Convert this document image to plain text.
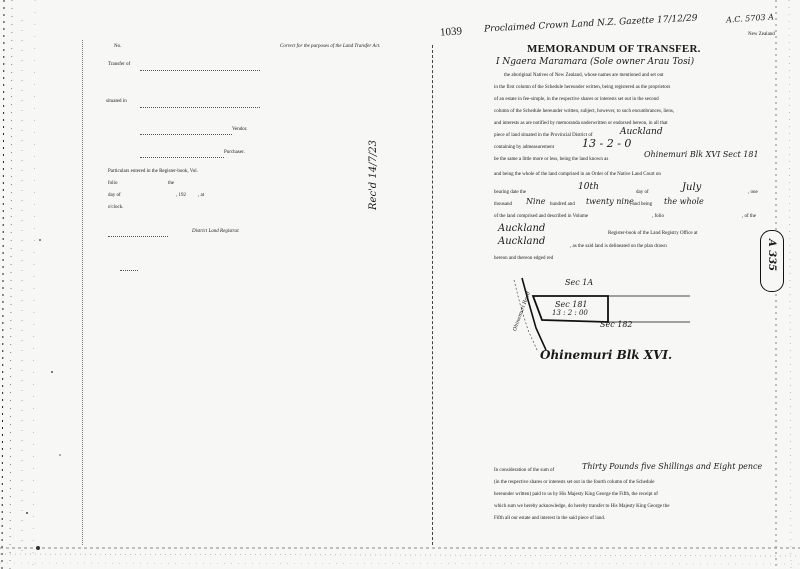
1039 Proclaimed Crown Land N.Z. Gazette 17/12/29	A.C. 5703 A
New Zealand
No.	Correct for the purposes of the Land Transfer Act.
Transfer of
situated in
Vendor.
Purchaser.
Particulars entered in the Register-book, Vol.
folio	the
day of	, 192 , at
o'clock.
District Land Registrar.
Rec'd 14/7/23
MEMORANDUM OF TRANSFER.
I Ngaera Maramara (Sole owner Arau Tosi)
the aboriginal Natives of New Zealand, whose names are mentioned and set out
in the first column of the Schedule hereunder written, being registered as the proprietors
of an estate in fee-simple, in the respective shares or interests set out in the second
column of the Schedule hereunder written, subject, however, to such encumbrances, liens,
and interests as are notified by memoranda underwritten or endorsed hereon, in all that
piece of land situated in the Provincial District of	Auckland
containing by admeasurement	13 - 2 - 0
be the same a little more or less, being the land known as
Ohinemuri Blk XVI Sect 181
and being the whole of the land comprised in an Order of the Native Land Court on
bearing date the
10th
day of	July	, one
thousand Nine hundred and twenty nine
, and being the whole
of the land comprised and described in Volume	, folio	, of the
Auckland	Register-book of the Land Registry Office at
Auckland	, as the said land is delineated on the plan drawn
hereon and thereon edged red
Sec 1A
Sec 181
13 : 2 : 00
Sec 182
Ohinemuri Road
Ohinemuri Blk XVI.
In consideration of the sum of	Thirty Pounds five Shillings and Eight pence
(in the respective shares or interests set out in the fourth column of the Schedule
hereunder written) paid to us by His Majesty King George the Fifth, the receipt of
which sum we hereby acknowledge, do hereby transfer to His Majesty King George the
Fifth all our estate and interest in the said piece of land.
A 335
